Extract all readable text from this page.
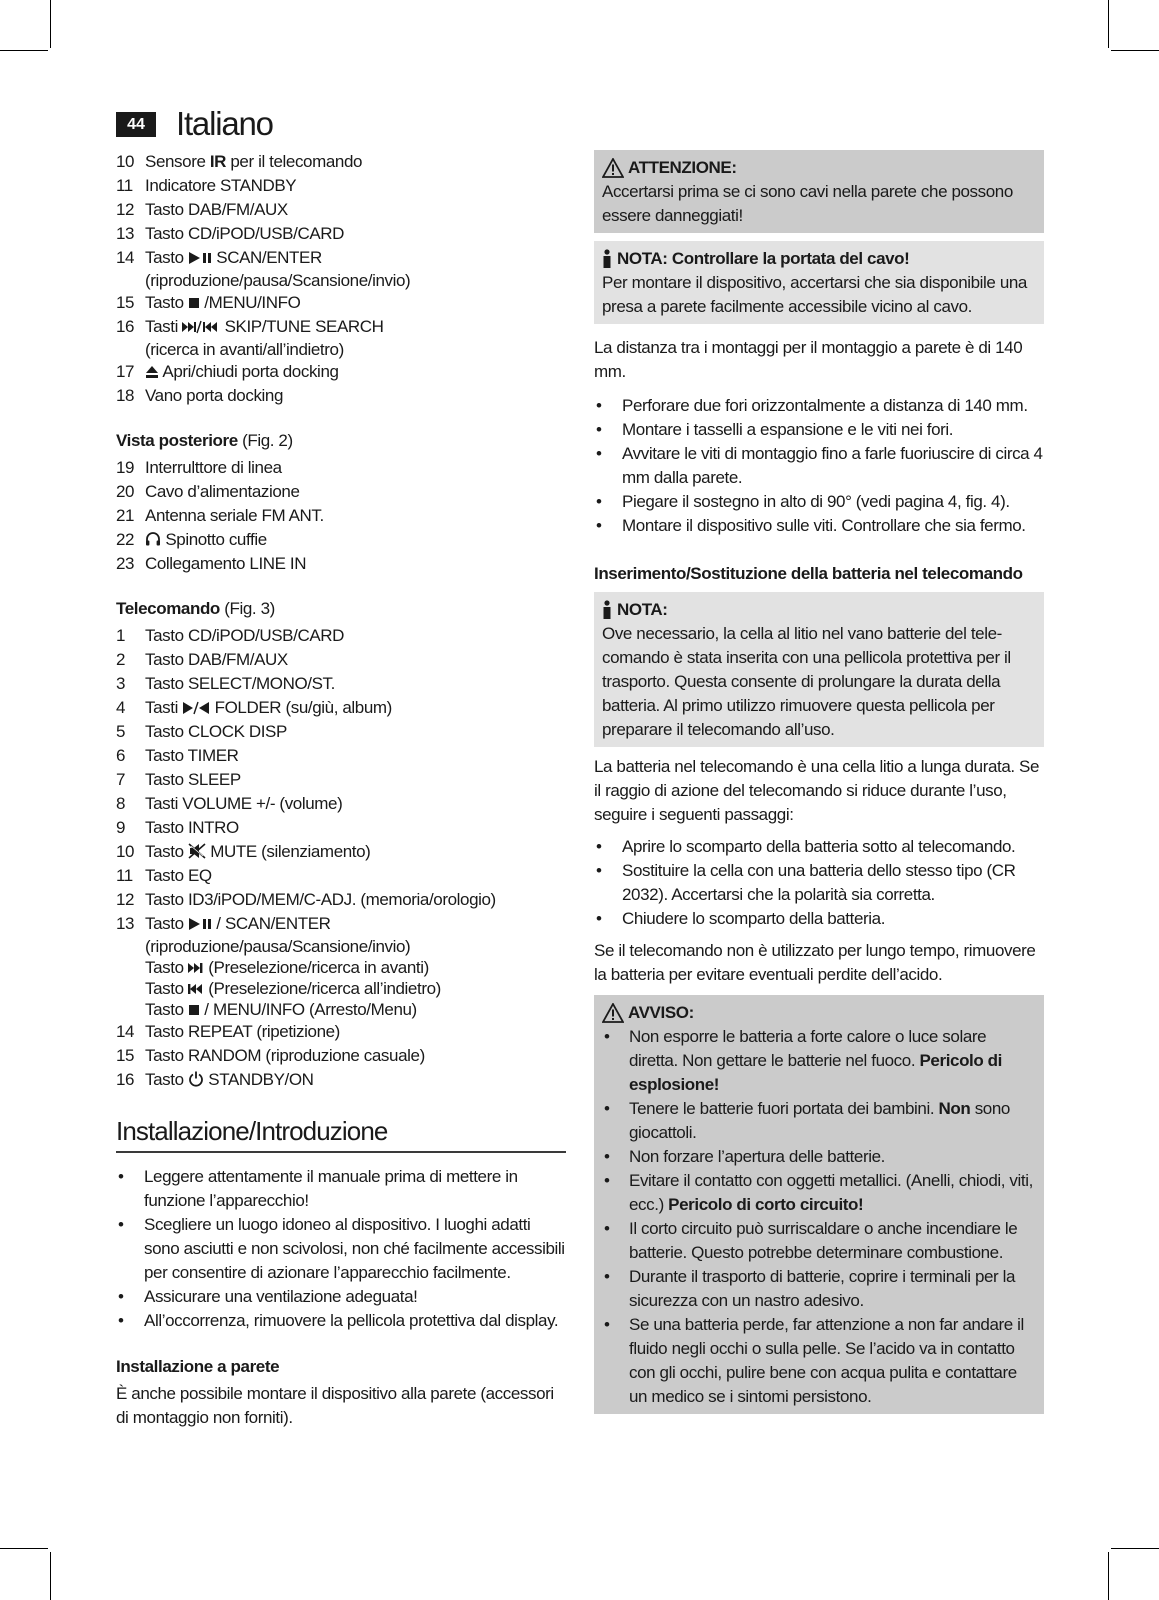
44 Italiano
10 Sensore IR per il telecomando
11 Indicatore STANDBY
12 Tasto DAB/FM/AUX
13 Tasto CD/iPOD/USB/CARD
14 Tasto  SCAN/ENTER
(riproduzione/pausa/Scansione/invio)
15 Tasto  /MENU/INFO
16 Tasti  SKIP/TUNE SEARCH
(ricerca in avanti/all’indietro)
17	Apri/chiudi porta docking
18 Vano porta docking
Vista posteriore (Fig. 2)
19 Interrulttore di linea
20 Cavo d’alimentazione
21 Antenna seriale FM ANT.
22	Spinotto cuffie
23 Collegamento LINE IN
Telecomando (Fig. 3)
1	Tasto CD/iPOD/USB/CARD
2	Tasto DAB/FM/AUX
3	Tasto SELECT/MONO/ST.
4	Tasti  FOLDER (su/giù, album)
5	Tasto CLOCK DISP
6	Tasto TIMER
7	Tasto SLEEP
8	Tasti VOLUME +/- (volume)
9	Tasto INTRO
10 Tasto  MUTE (silenziamento)
11 Tasto EQ
12 Tasto ID3/iPOD/MEM/C-ADJ. (memoria/orologio)
13 Tasto  / SCAN/ENTER
(riproduzione/pausa/Scansione/invio)
Tasto  (Preselezione/ricerca in avanti)
Tasto  (Preselezione/ricerca all’indietro)
Tasto  / MENU/INFO (Arresto/Menu)
14 Tasto REPEAT (ripetizione)
15 Tasto RANDOM (riproduzione casuale)
16 Tasto  STANDBY/ON
Installazione/Introduzione
• Leggere attentamente il manuale prima di mettere in funzione l’apparecchio!
• Scegliere un luogo idoneo al dispositivo. I luoghi adatti sono asciutti e non scivolosi, non ché facilmente accessibili per consentire di azionare l’apparecchio facilmente.
• Assicurare una ventilazione adeguata!
• All’occorrenza, rimuovere la pellicola protettiva dal display.
Installazione a parete

È anche possibile montare il dispositivo alla parete (accessori di montaggio non forniti).

ATTENZIONE:

Accertarsi prima se ci sono cavi nella parete che possono essere danneggiati!

NOTA: Controllare la portata del cavo!

Per montare il dispositivo, accertarsi che sia disponibile una presa a parete facilmente accessibile vicino al cavo.

La distanza tra i montaggi per il montaggio a parete è di 140 mm.

• Perforare due fori orizzontalmente a distanza di 140 mm.
• Montare i tasselli a espansione e le viti nei fori.
• Avvitare le viti di montaggio fino a farle fuoriuscire di circa 4 mm dalla parete.
• Piegare il sostegno in alto di 90° (vedi pagina 4, fig. 4).
• Montare il dispositivo sulle viti. Controllare che sia fermo.
Inserimento/Sostituzione della batteria nel telecomando
NOTA:

Ove necessario, la cella al litio nel vano batterie del telecomando è stata inserita con una pellicola protettiva per il trasporto. Questa consente di prolungare la durata della batteria. Al primo utilizzo rimuovere questa pellicola per preparare il telecomando all’uso.

La batteria nel telecomando è una cella litio a lunga durata. Se il raggio di azione del telecomando si riduce durante l’uso, seguire i seguenti passaggi:

• Aprire lo scomparto della batteria sotto al telecomando.
• Sostituire la cella con una batteria dello stesso tipo (CR 2032). Accertarsi che la polarità sia corretta.
• Chiudere lo scomparto della batteria.

Se il telecomando non è utilizzato per lungo tempo, rimuovere la batteria per evitare eventuali perdite dell’acido.

AVVISO:
• Non esporre le batteria a forte calore o luce solare diretta. Non gettare le batterie nel fuoco. Pericolo di esplosione!
• Tenere le batterie fuori portata dei bambini. Non sono giocattoli.
• Non forzare l’apertura delle batterie.
• Evitare il contatto con oggetti metallici. (Anelli, chiodi, viti, ecc.) Pericolo di corto circuito!
• Il corto circuito può surriscaldare o anche incendiare le batterie. Questo potrebbe determinare combustione.
• Durante il trasporto di batterie, coprire i terminali per la sicurezza con un nastro adesivo.
• Se una batteria perde, far attenzione a non far andare il fluido negli occhi o sulla pelle. Se l’acido va in contatto con gli occhi, pulire bene con acqua pulita e contattare un medico se i sintomi persistono.
